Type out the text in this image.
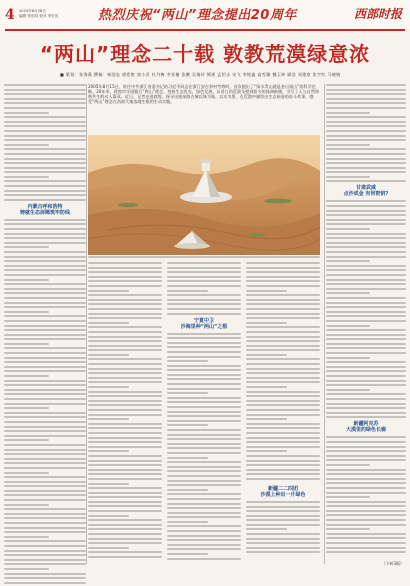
4 2025年8月28日
编辑 张东明 校对 李宏亮	热烈庆祝“两山”理念提出20周年	西部时报
“两山”理念二十载 敦教荒漠绿意浓
■ 策划：张海燕 撰稿：杨国忠 唐希艳 郭小武 杜丹梅 李亚楠 张鹏 吴倩玲 熊瑶 孟绍永 宋飞 李悦鑫 高雪璐 魏玉坤 顾浩 刘建豪 张宇红 马晓晓
内蒙古呼和浩特
铸就生态屏障筑牢防线
2005年8月15日，时任中共浙江省委书记的习近平同志在浙江安吉余村考察时，首次提出了“绿水青山就是金山银山”的科学论断。20年来，敦煌市牢固践行“两山”理念，坚持生态优先、绿色发展，从昔日的荒漠戈壁到如今的绿洲新城，书写了人与自然和谐共生的动人篇章。近日，记者走进敦煌，探寻这座丝路古城以绿为笔、以水为墨，在荒漠中描绘出生态画卷的奋斗故事，感受“两山”理念在西部大地落地生根的生动实践。
宁夏中卫
沙海里种“两山”之根
新疆二二四团
沙漠上种出一片绿色
甘肃武威
点沙成金 有何密钥?
新疆阿克苏
大漠里的绿色长廊
（下转3版）
